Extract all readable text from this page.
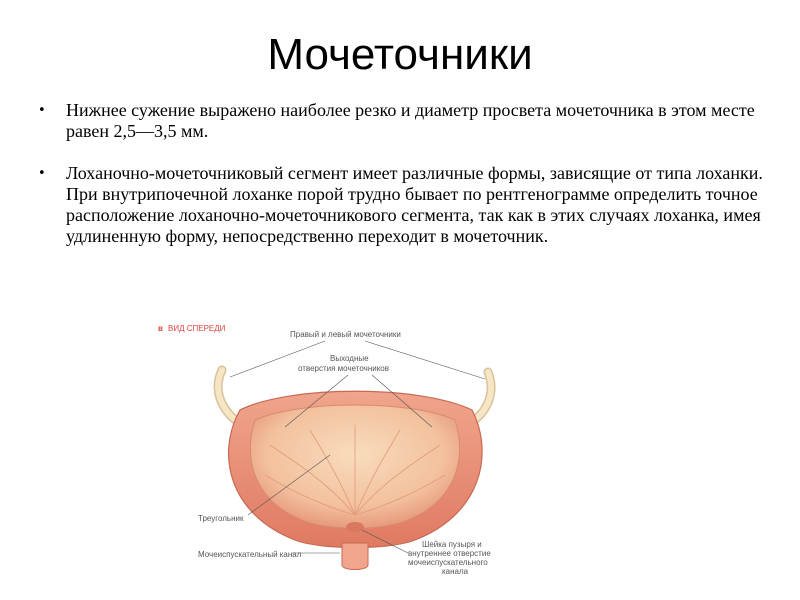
Мочеточники
• Нижнее сужение выражено наиболее резко и диаметр просвета мочеточника в этом месте равен 2,5—3,5 мм.
• Лоханочно-мочеточниковый сегмент имеет различные формы, зависящие от типа лоханки. При внутрипочечной лоханке порой трудно бывает по рентгенограмме определить точное расположение лоханочно-мочеточникового сегмента, так как в этих случаях лоханка, имея удлиненную форму, непосредственно переходит в мочеточник.
в ВИД СПЕРЕДИ
Правый и левый мочеточники
Выходные
отверстия мочеточников
Треугольник
Мочеиспускательный канал
Шейка пузыря и
внутреннее отверстие
мочеиспускательного
канала
